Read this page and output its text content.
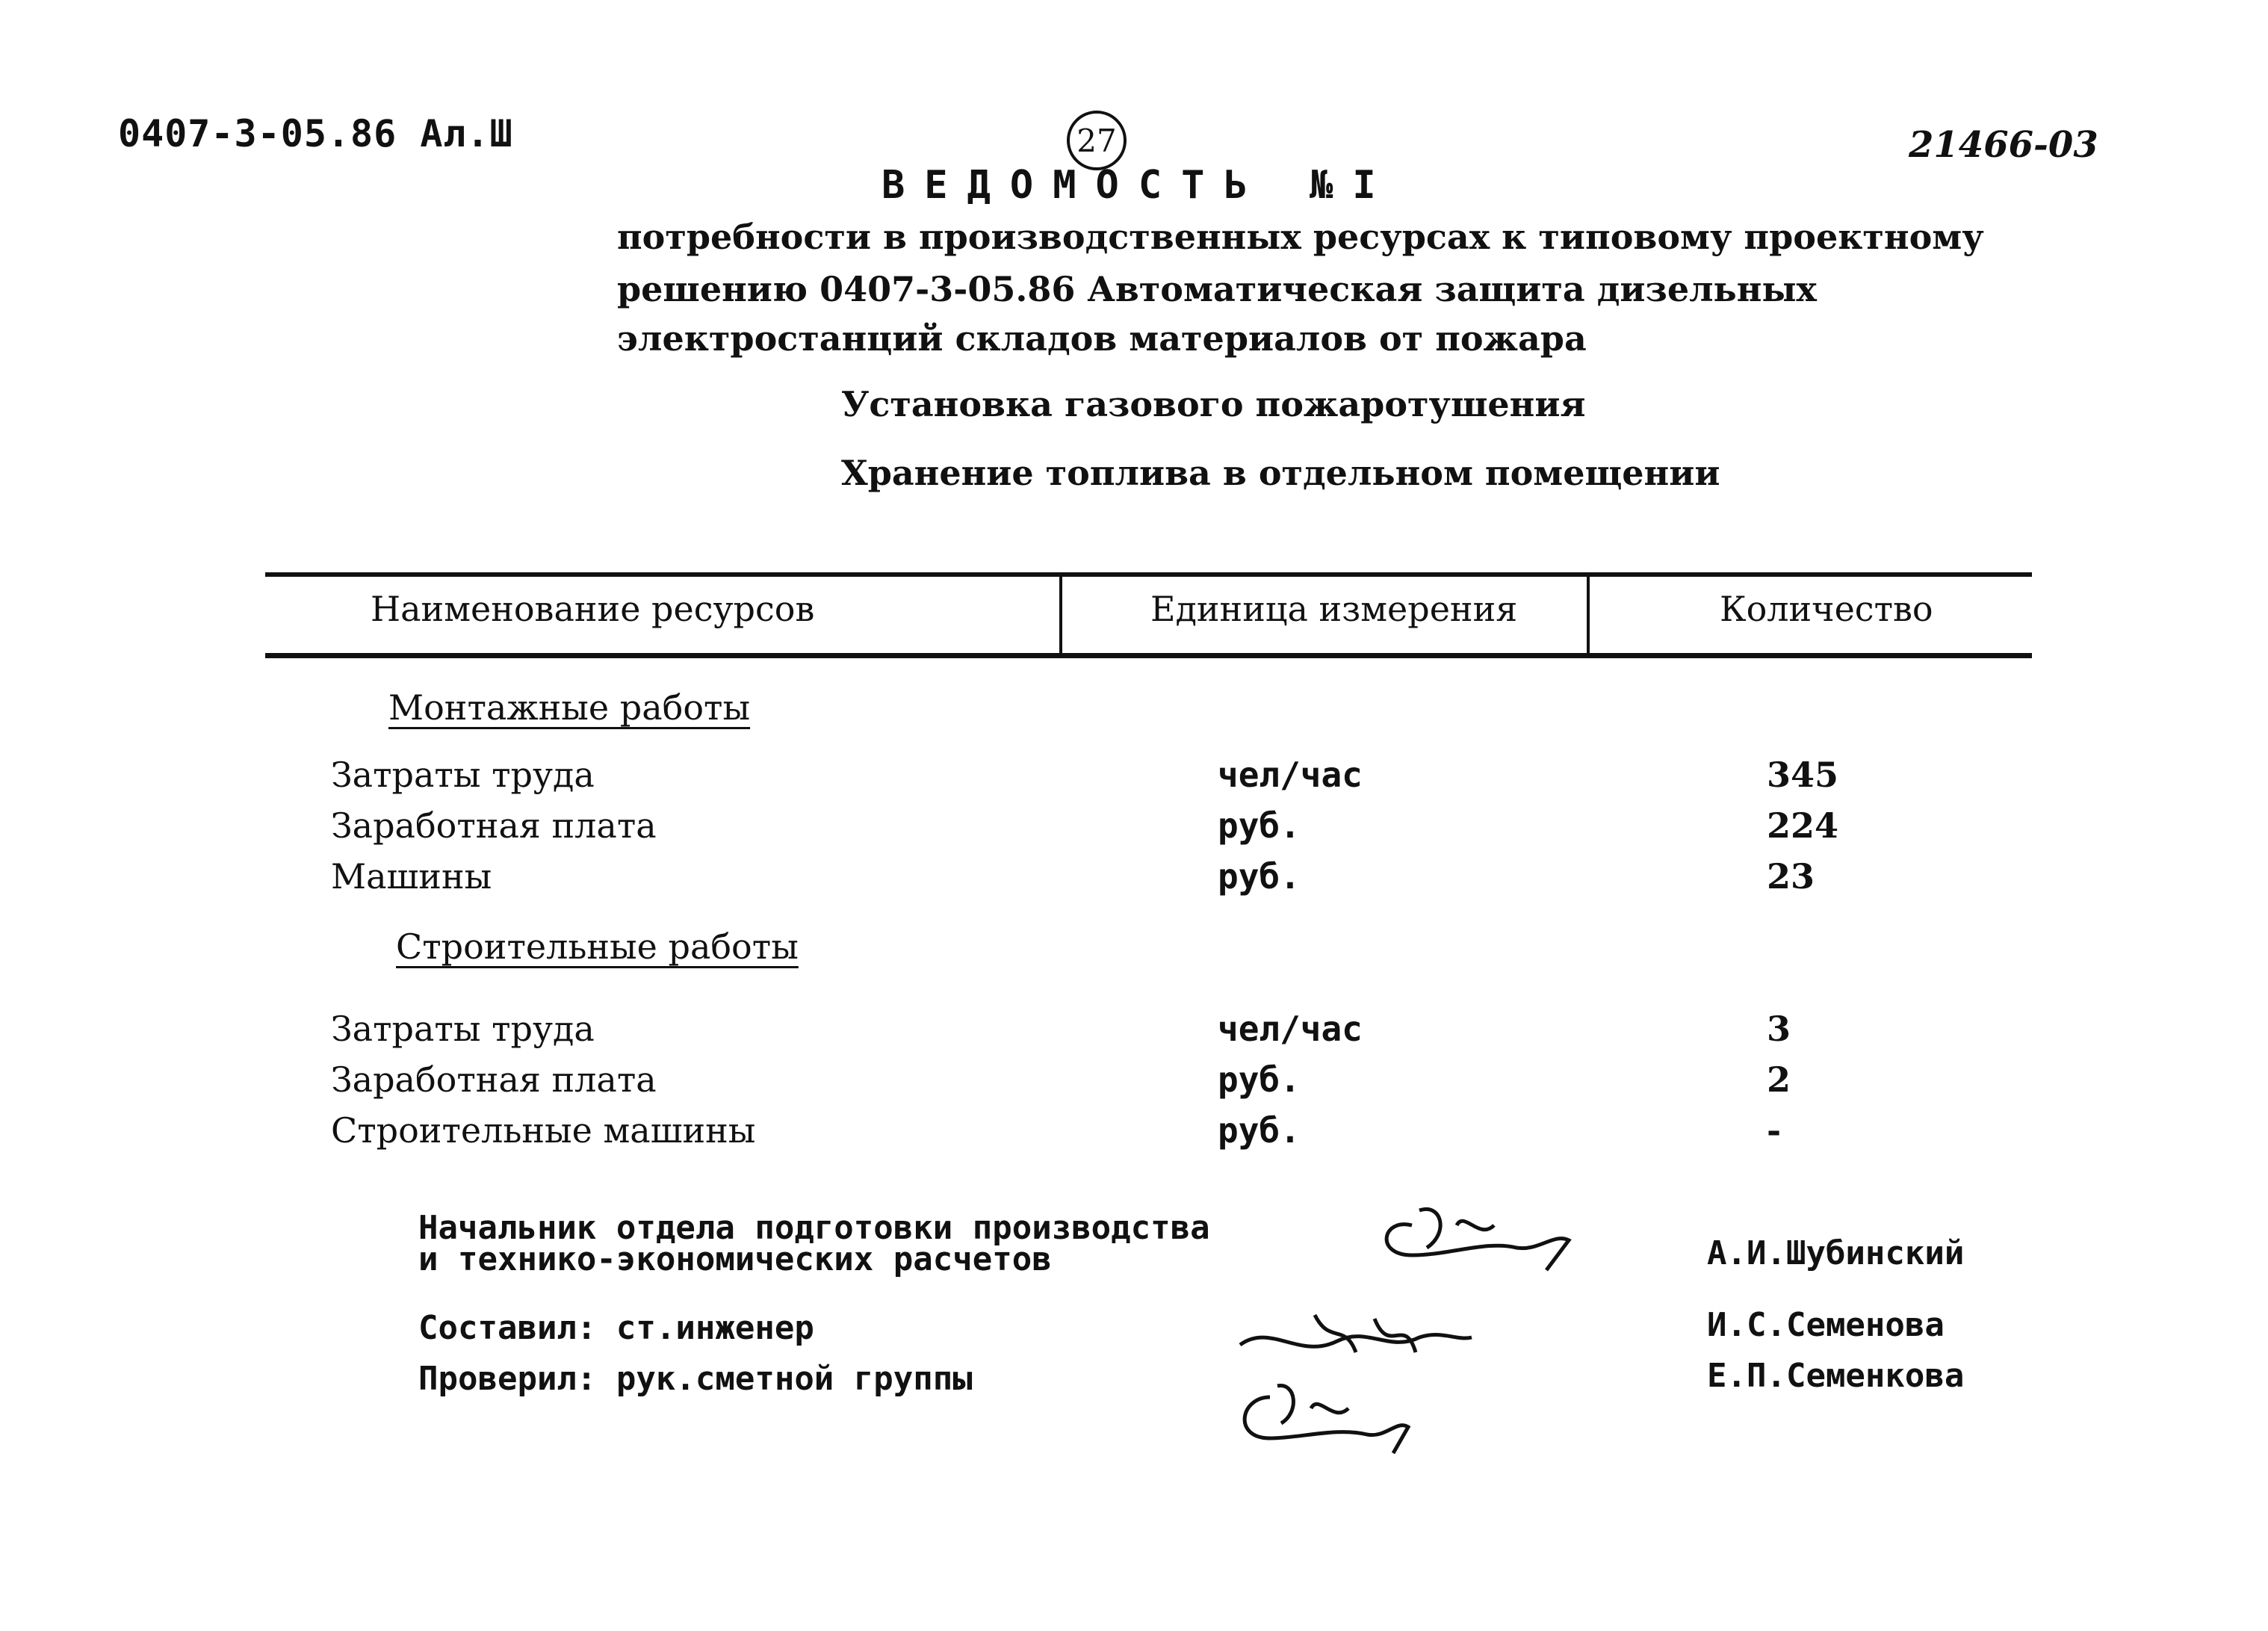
0407-3-05.86 Ал.Ш	27	21466-03
ВЕДОМОСТЬ №I
потребности в производственных ресурсах к типовому проектному
решению 0407-3-05.86 Автоматическая защита дизельных
электростанций складов материалов от пожара
Установка газового пожаротушения
Хранение топлива в отдельном помещении
Наименование ресурсов	Единица измерения	Количество
Монтажные работы
Затраты труда	чел/час	345
Заработная плата	руб.	224
Машины	руб.	23
Строительные работы
Затраты труда	чел/час	3
Заработная плата	руб.	2
Строительные машины	руб.	-
Начальник отдела подготовки производства
и технико-экономических расчетов	А.И.Шубинский
Составил: ст.инженер	И.С.Семенова
Проверил: рук.сметной группы	Е.П.Семенкова
